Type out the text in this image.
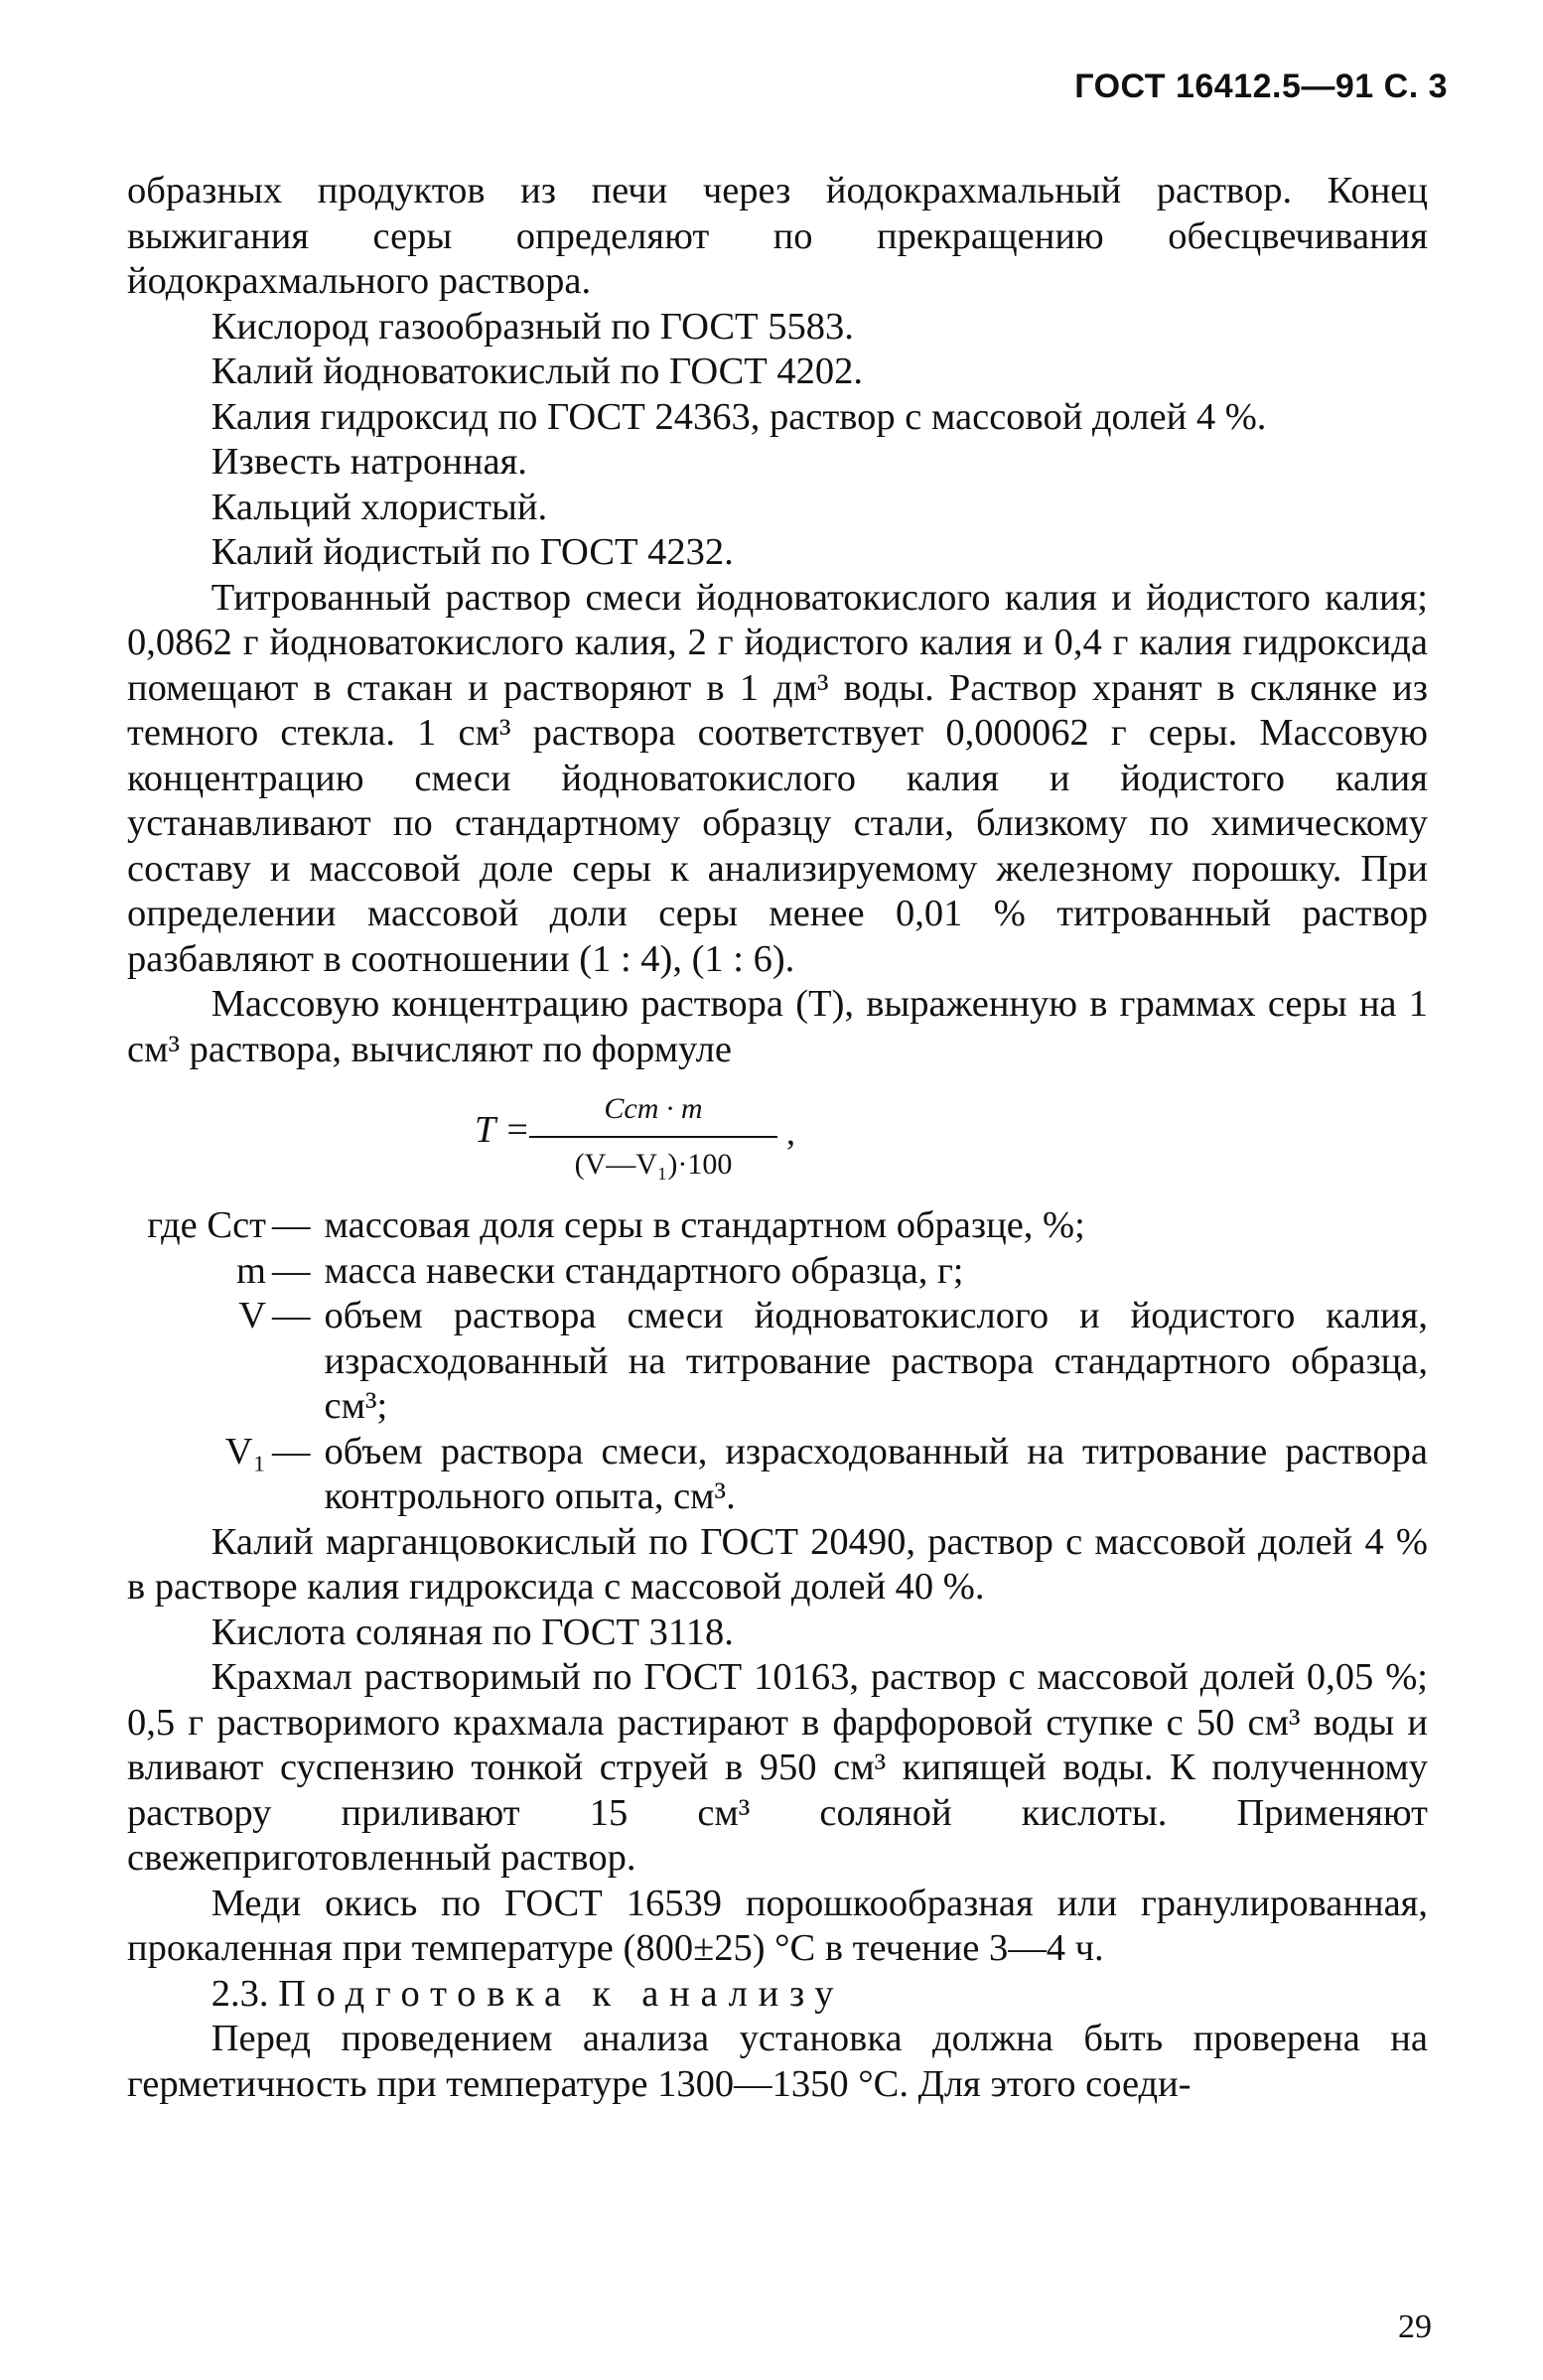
ГОСТ 16412.5—91 С. 3

образных продуктов из печи через йодокрахмальный раствор. Конец выжигания серы определяют по прекращению обесцвечивания йодокрахмального раствора.

Кислород газообразный по ГОСТ 5583.

Калий йодноватокислый по ГОСТ 4202.

Калия гидроксид по ГОСТ 24363, раствор с массовой долей 4 %.

Известь натронная.

Кальций хлористый.

Калий йодистый по ГОСТ 4232.

Титрованный раствор смеси йодноватокислого калия и йодистого калия; 0,0862 г йодноватокислого калия, 2 г йодистого калия и 0,4 г калия гидроксида помещают в стакан и растворяют в 1 дм³ воды. Раствор хранят в склянке из темного стекла. 1 см³ раствора соответствует 0,000062 г серы. Массовую концентрацию смеси йодноватокислого калия и йодистого калия устанавливают по стандартному образцу стали, близкому по химическому составу и массовой доле серы к анализируемому железному порошку. При определении массовой доли серы менее 0,01 % титрованный раствор разбавляют в соотношении (1 : 4), (1 : 6).

Массовую концентрацию раствора (T), выраженную в граммах серы на 1 см³ раствора, вычисляют по формуле

T =
Cст · m
(V—V₁)·100
,
где Cст — массовая доля серы в стандартном образце, %;
m — масса навески стандартного образца, г;
V — объем раствора смеси йодноватокислого и йодистого калия, израсходованный на титрование раствора стандартного образца, см³;
V₁ — объем раствора смеси, израсходованный на титрование раствора контрольного опыта, см³.

Калий марганцовокислый по ГОСТ 20490, раствор с массовой долей 4 % в растворе калия гидроксида с массовой долей 40 %.

Кислота соляная по ГОСТ 3118.

Крахмал растворимый по ГОСТ 10163, раствор с массовой долей 0,05 %; 0,5 г растворимого крахмала растирают в фарфоровой ступке с 50 см³ воды и вливают суспензию тонкой струей в 950 см³ кипящей воды. К полученному раствору приливают 15 см³ соляной кислоты. Применяют свежеприготовленный раствор.

Меди окись по ГОСТ 16539 порошкообразная или гранулированная, прокаленная при температуре (800±25) °С в течение 3—4 ч.

2.3. Подготовка к анализу

Перед проведением анализа установка должна быть проверена на герметичность при температуре 1300—1350 °С. Для этого соеди-

29
